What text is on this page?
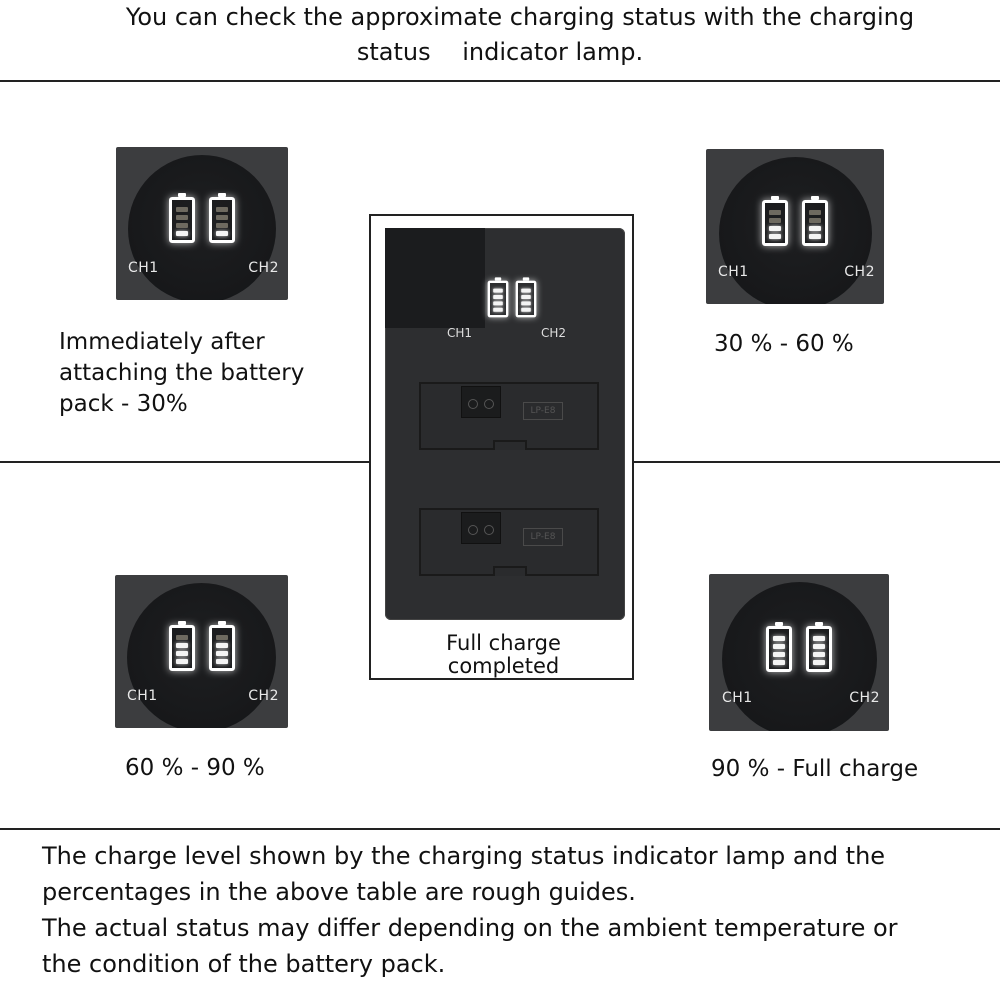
You can check the approximate charging status with the charging
status  indicator lamp.
CH1	CH2	CH1	CH2
CH1	CH2	CH1	CH2
Immediately after
attaching the battery
pack - 30%
30 % - 60 %
60 % - 90 %	90 % - Full charge
CH1	CH2
LP-E8
LP-E8
Full charge
completed
The charge level shown by the charging status indicator lamp and the
percentages in the above table are rough guides.
The actual status may differ depending on the ambient temperature or
the condition of the battery pack.
